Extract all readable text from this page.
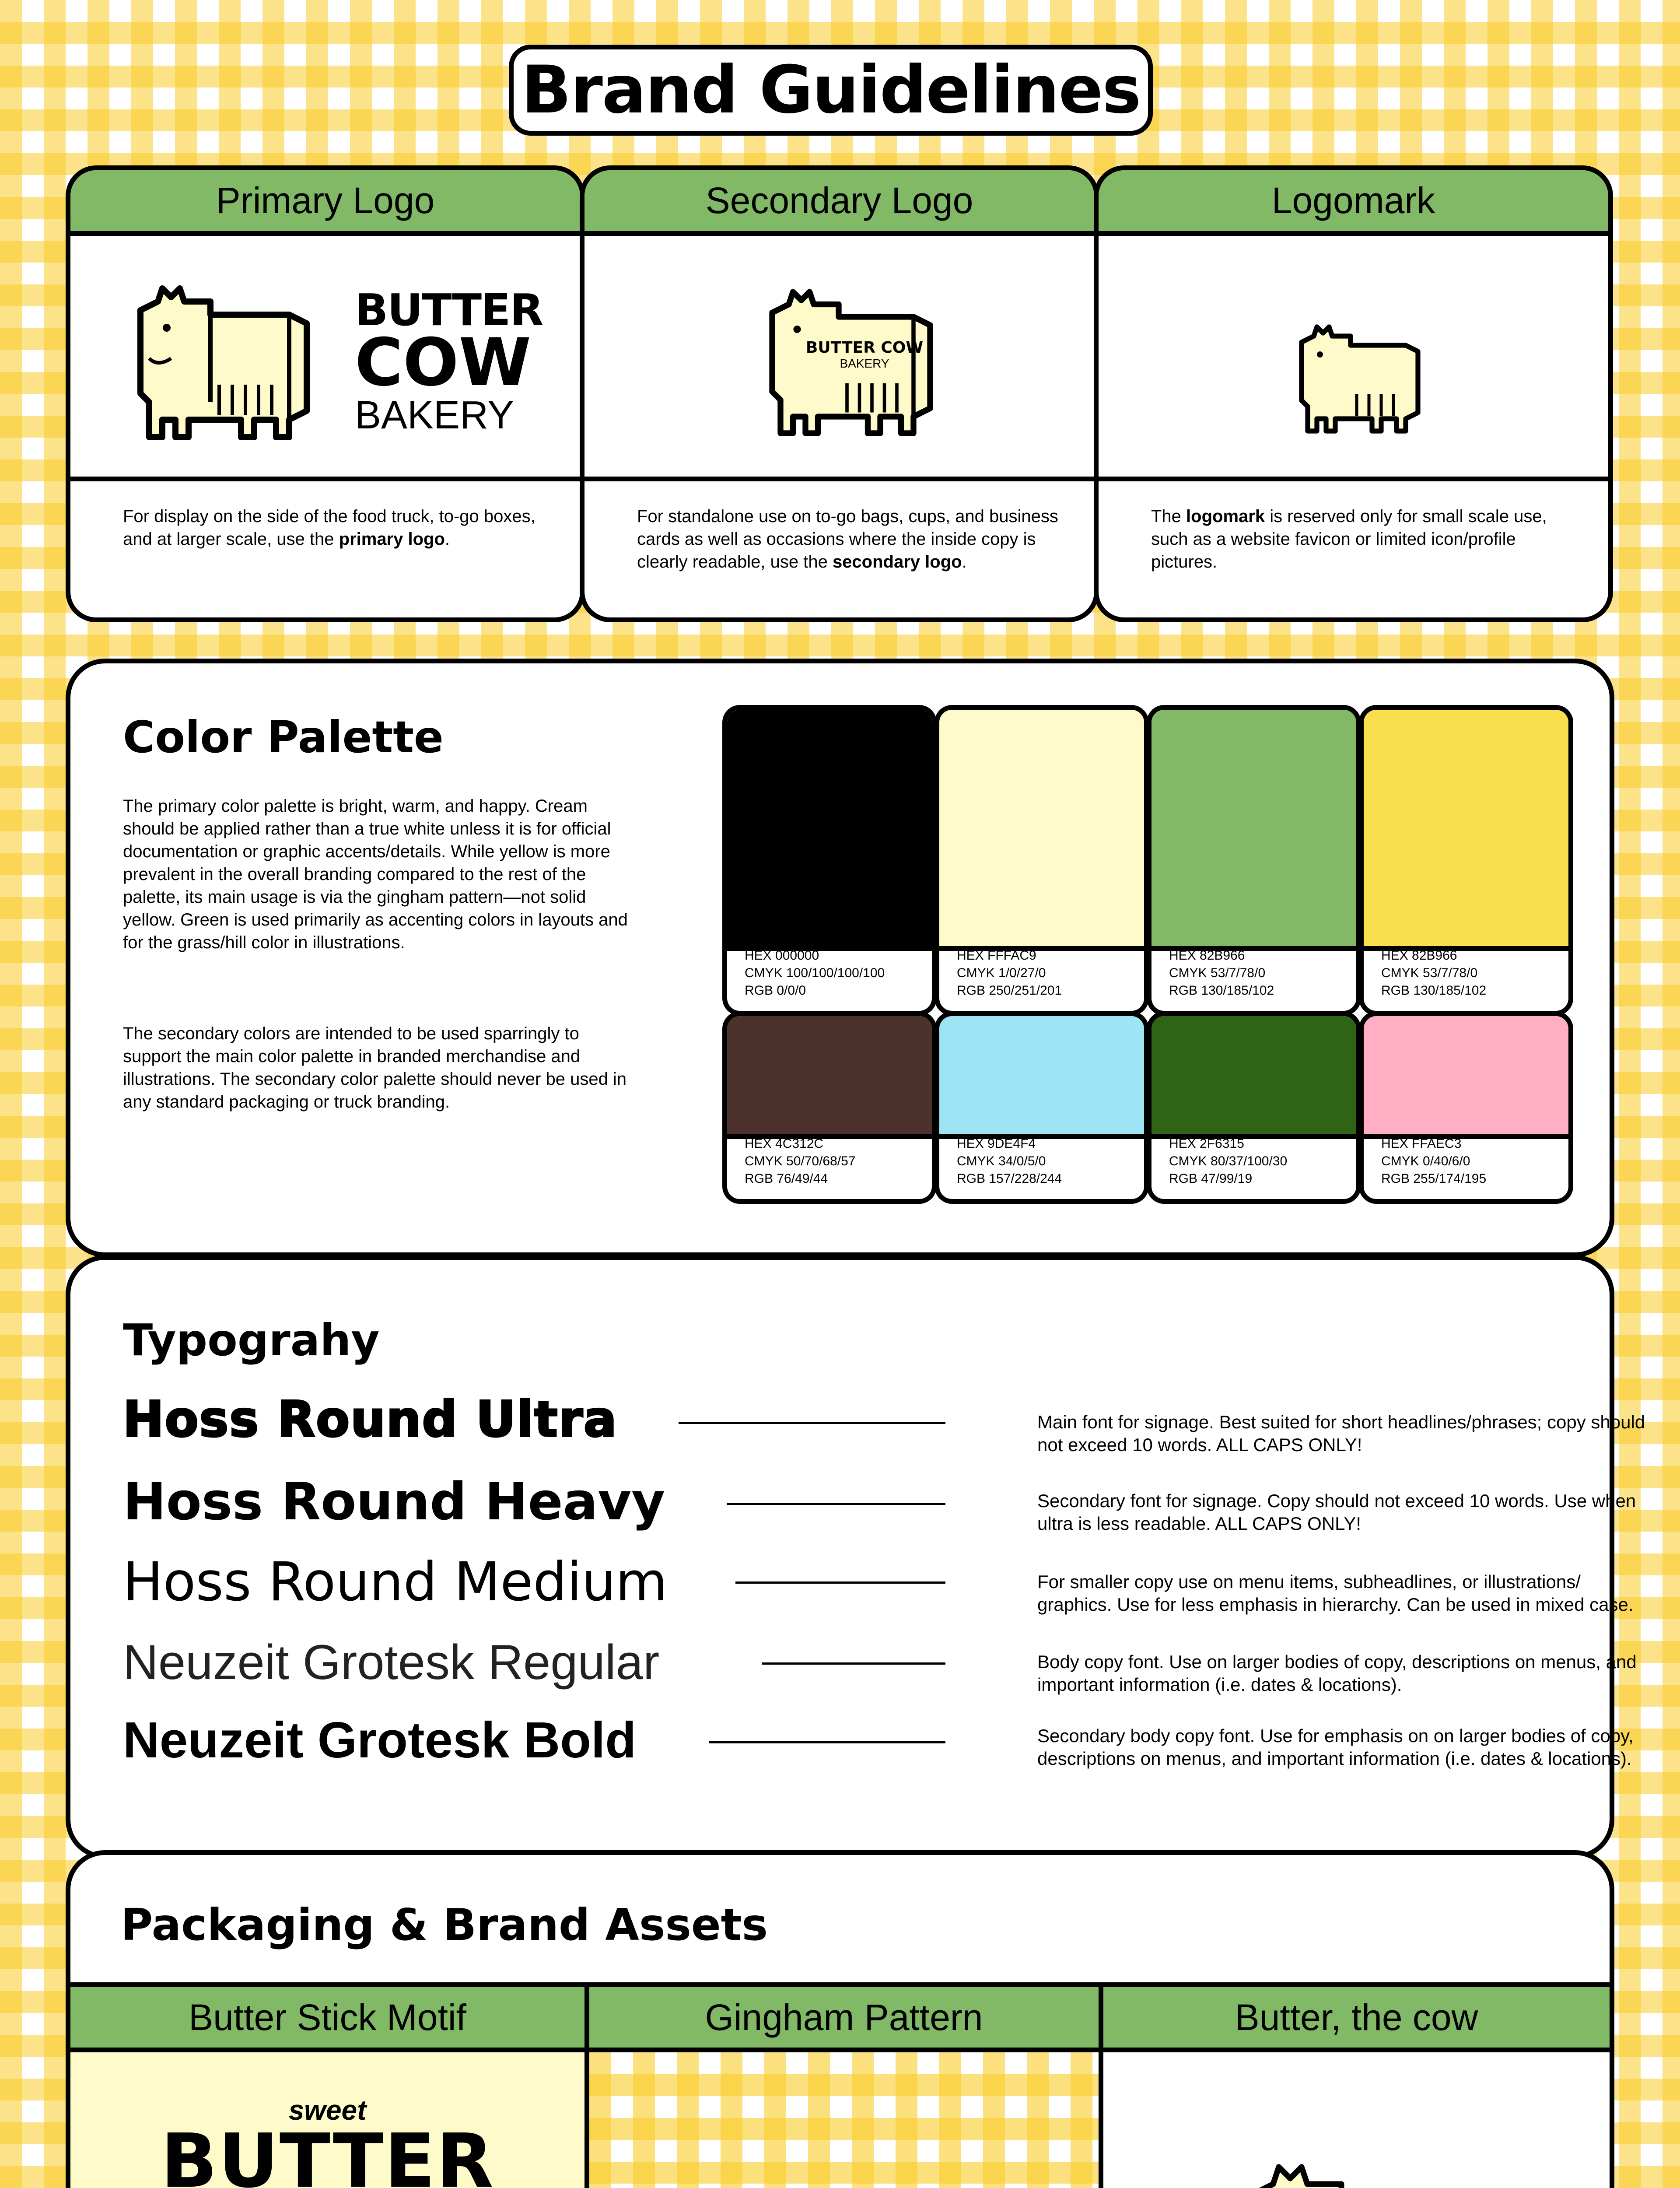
Brand Guidelines
Primary Logo
BUTTER
COW
BAKERY
For display on the side of the food truck, to-go boxes, and at larger scale, use the primary logo.
Secondary Logo
BUTTER COW
BAKERY
For standalone use on to-go bags, cups, and business cards as well as occasions where the inside copy is clearly readable, use the secondary logo.
Logomark
The logomark is reserved only for small scale use, such as a website favicon or limited icon/profile pictures.
Color Palette
The primary color palette is bright, warm, and happy. Cream should be applied rather than a true white unless it is for official documentation or graphic accents/details. While yellow is more prevalent in the overall branding compared to the rest of the palette, its main usage is via the gingham pattern—not solid yellow. Green is used primarily as accenting colors in layouts and for the grass/hill color in illustrations.
The secondary colors are intended to be used sparringly to support the main color palette in branded merchandise and illustrations. The secondary color palette should never be used in any standard packaging or truck branding.
HEX 000000
CMYK 100/100/100/100
RGB 0/0/0
HEX FFFAC9
CMYK 1/0/27/0
RGB 250/251/201
HEX 82B966
CMYK 53/7/78/0
RGB 130/185/102
HEX 82B966
CMYK 53/7/78/0
RGB 130/185/102
HEX 4C312C
CMYK 50/70/68/57
RGB 76/49/44
HEX 9DE4F4
CMYK 34/0/5/0
RGB 157/228/244
HEX 2F6315
CMYK 80/37/100/30
RGB 47/99/19
HEX FFAEC3
CMYK 0/40/6/0
RGB 255/174/195
Typograhy
Hoss Round Ultra	Main font for signage. Best suited for short headlines/phrases; copy should not exceed 10 words. ALL CAPS ONLY!
Hoss Round Heavy	Secondary font for signage. Copy should not exceed 10 words. Use when ultra is less readable. ALL CAPS ONLY!
Hoss Round Medium	For smaller copy use on menu items, subheadlines, or illustrations/ graphics. Use for less emphasis in hierarchy. Can be used in mixed case.
Neuzeit Grotesk Regular	Body copy font. Use on larger bodies of copy, descriptions on menus, and important information (i.e. dates & locations).
Neuzeit Grotesk Bold	Secondary body copy font. Use for emphasis on on larger bodies of copy, descriptions on menus, and important information (i.e. dates & locations).
Packaging & Brand Assets
Butter Stick Motif	Gingham Pattern	Butter, the cow
sweet
BUTTER
